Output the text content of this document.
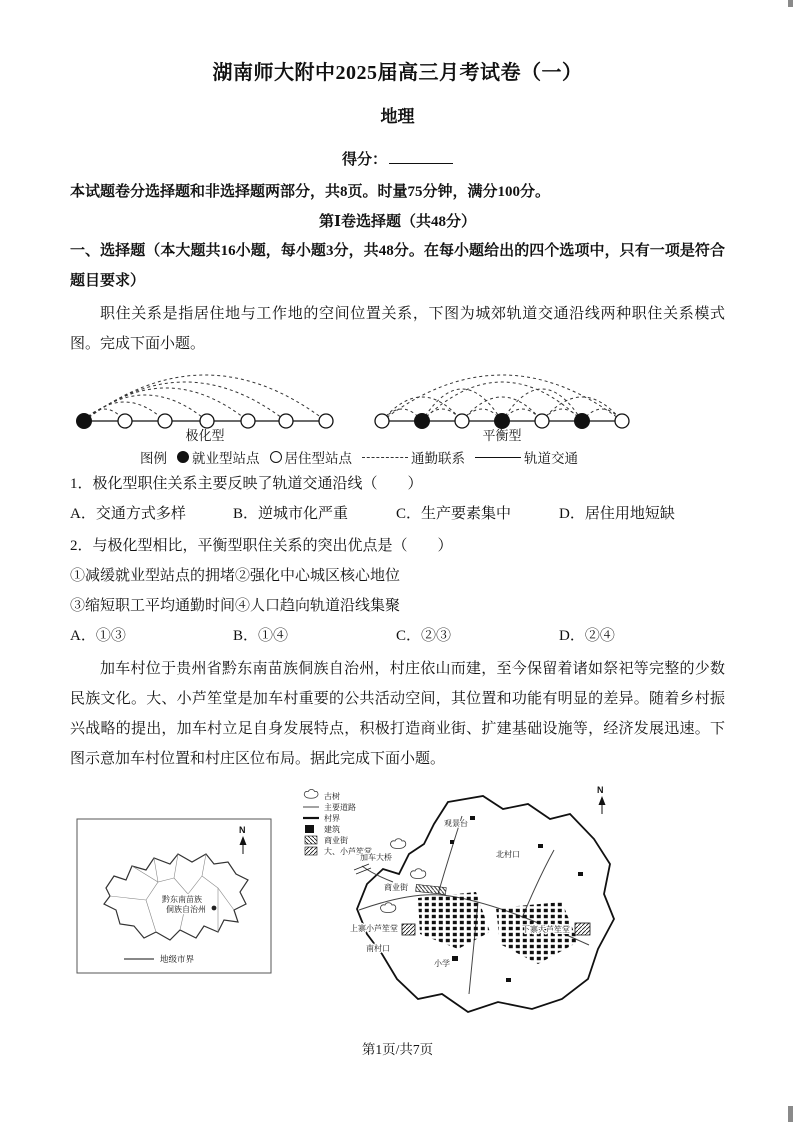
湖南师大附中2025届高三月考试卷（一）
地理
得分：

本试题卷分选择题和非选择题两部分，共8页。时量75分钟，满分100分。

第Ⅰ卷选择题（共48分）

一、选择题（本大题共16小题，每小题3分，共48分。在每小题给出的四个选项中，只有一项是符合题目要求）

职住关系是指居住地与工作地的空间位置关系，下图为城郊轨道交通沿线两种职住关系模式图。完成下面小题。

极化型	平衡型
图例 就业型站点 居住型站点	通勤联系	轨道交通

1．极化型职住关系主要反映了轨道交通沿线（　　）

A．交通方式多样	B．逆城市化严重	C．生产要素集中	D．居住用地短缺

2．与极化型相比，平衡型职住关系的突出优点是（　　）

①减缓就业型站点的拥堵②强化中心城区核心地位

③缩短职工平均通勤时间④人口趋向轨道沿线集聚

A．①③	B．①④	C．②③	D．②④

加车村位于贵州省黔东南苗族侗族自治州，村庄依山而建，至今保留着诸如祭祀等完整的少数民族文化。大、小芦笙堂是加车村重要的公共活动空间，其位置和功能有明显的差异。随着乡村振兴战略的提出，加车村立足自身发展特点，积极打造商业街、扩建基础设施等，经济发展迅速。下图示意加车村位置和村庄区位布局。据此完成下面小题。

N
黔东南苗族
侗族自治州
地级市界
N
古树
主要道路
村界
建筑
商业街
大、小芦笙堂
观景台
北村口
加车大桥
商业街
上寨小芦笙堂
南村口
小学
下寨大芦笙堂
第1页/共7页
